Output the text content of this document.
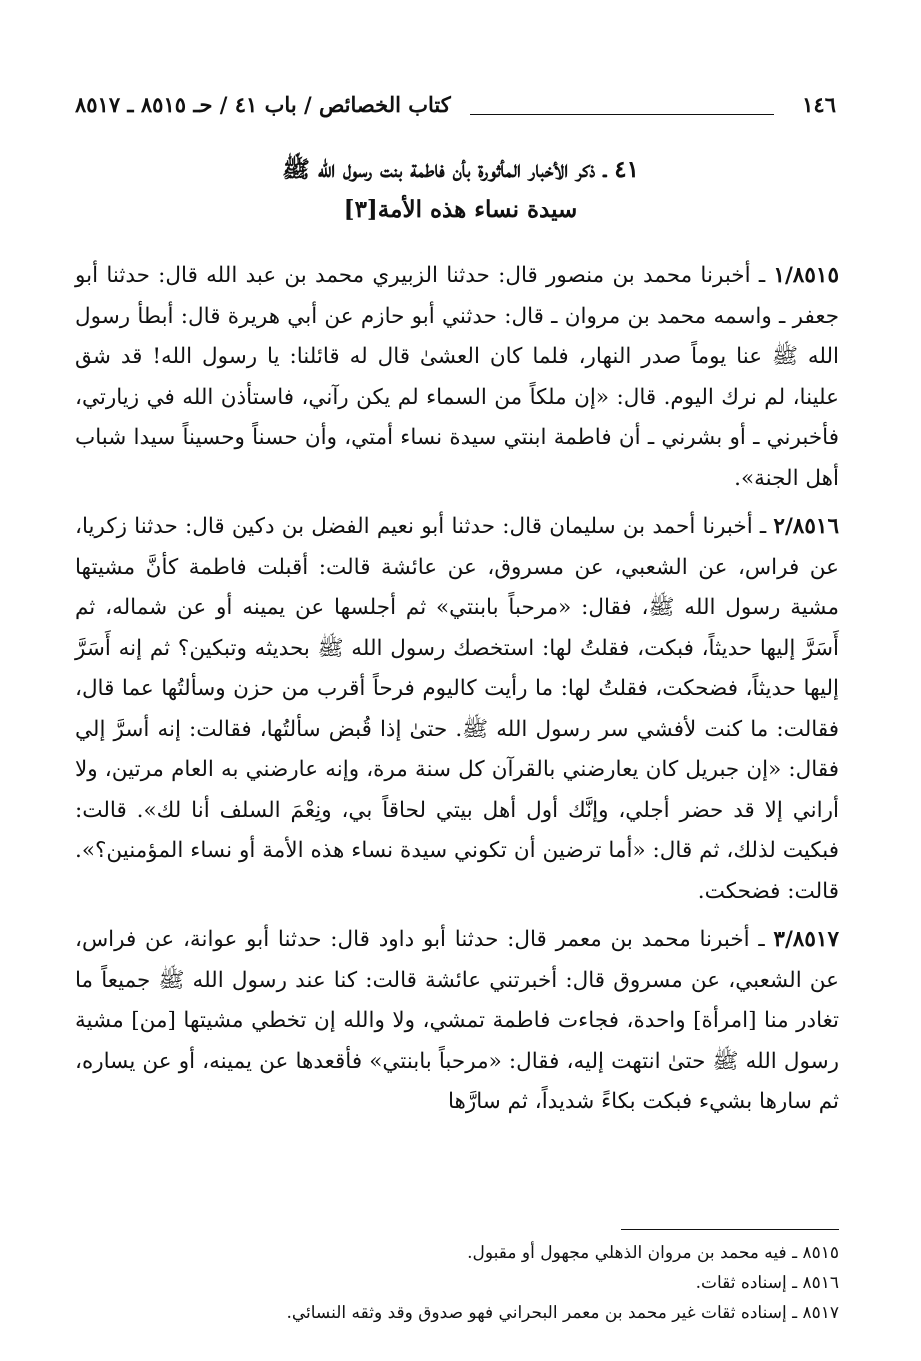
١٤٦
كتاب الخصائص / باب ٤١ / حـ ٨٥١٥ ـ ٨٥١٧
٤١ ـ ذكر الأخبار المأثورة بأن فاطمة بنت رسول الله ﷺ
سيدة نساء هذه الأمة[٣]

١/٨٥١٥ ـ أخبرنا محمد بن منصور قال: حدثنا الزبيري محمد بن عبد الله قال: حدثنا أبو جعفر ـ واسمه محمد بن مروان ـ قال: حدثني أبو حازم عن أبي هريرة قال: أبطأ رسول الله ﷺ عنا يوماً صدر النهار، فلما كان العشىٰ قال له قائلنا: يا رسول الله! قد شق علينا، لم نرك اليوم. قال: «إن ملكاً من السماء لم يكن رآني، فاستأذن الله في زيارتي، فأخبرني ـ أو بشرني ـ أن فاطمة ابنتي سيدة نساء أمتي، وأن حسناً وحسيناً سيدا شباب أهل الجنة».

٢/٨٥١٦ ـ أخبرنا أحمد بن سليمان قال: حدثنا أبو نعيم الفضل بن دكين قال: حدثنا زكريا، عن فراس، عن الشعبي، عن مسروق، عن عائشة قالت: أقبلت فاطمة كأنَّ مشيتها مشية رسول الله ﷺ، فقال: «مرحباً بابنتي» ثم أجلسها عن يمينه أو عن شماله، ثم أَسَرَّ إليها حديثاً، فبكت، فقلتُ لها: استخصك رسول الله ﷺ بحديثه وتبكين؟ ثم إنه أَسَرَّ إليها حديثاً، فضحكت، فقلتُ لها: ما رأيت كاليوم فرحاً أقرب من حزن وسألتُها عما قال، فقالت: ما كنت لأفشي سر رسول الله ﷺ. حتىٰ إذا قُبض سألتُها، فقالت: إنه أسرَّ إلي فقال: «إن جبريل كان يعارضني بالقرآن كل سنة مرة، وإنه عارضني به العام مرتين، ولا أراني إلا قد حضر أجلي، وإنَّك أول أهل بيتي لحاقاً بي، ونِعْمَ السلف أنا لك». قالت: فبكيت لذلك، ثم قال: «أما ترضين أن تكوني سيدة نساء هذه الأمة أو نساء المؤمنين؟». قالت: فضحكت.

٣/٨٥١٧ ـ أخبرنا محمد بن معمر قال: حدثنا أبو داود قال: حدثنا أبو عوانة، عن فراس، عن الشعبي، عن مسروق قال: أخبرتني عائشة قالت: كنا عند رسول الله ﷺ جميعاً ما تغادر منا [امرأة] واحدة، فجاءت فاطمة تمشي، ولا والله إن تخطي مشيتها [من] مشية رسول الله ﷺ حتىٰ انتهت إليه، فقال: «مرحباً بابنتي» فأقعدها عن يمينه، أو عن يساره، ثم سارها بشيء فبكت بكاءً شديداً، ثم سارَّها

٨٥١٥ ـ فيه محمد بن مروان الذهلي مجهول أو مقبول.

٨٥١٦ ـ إسناده ثقات.

٨٥١٧ ـ إسناده ثقات غير محمد بن معمر البحراني فهو صدوق وقد وثقه النسائي.
